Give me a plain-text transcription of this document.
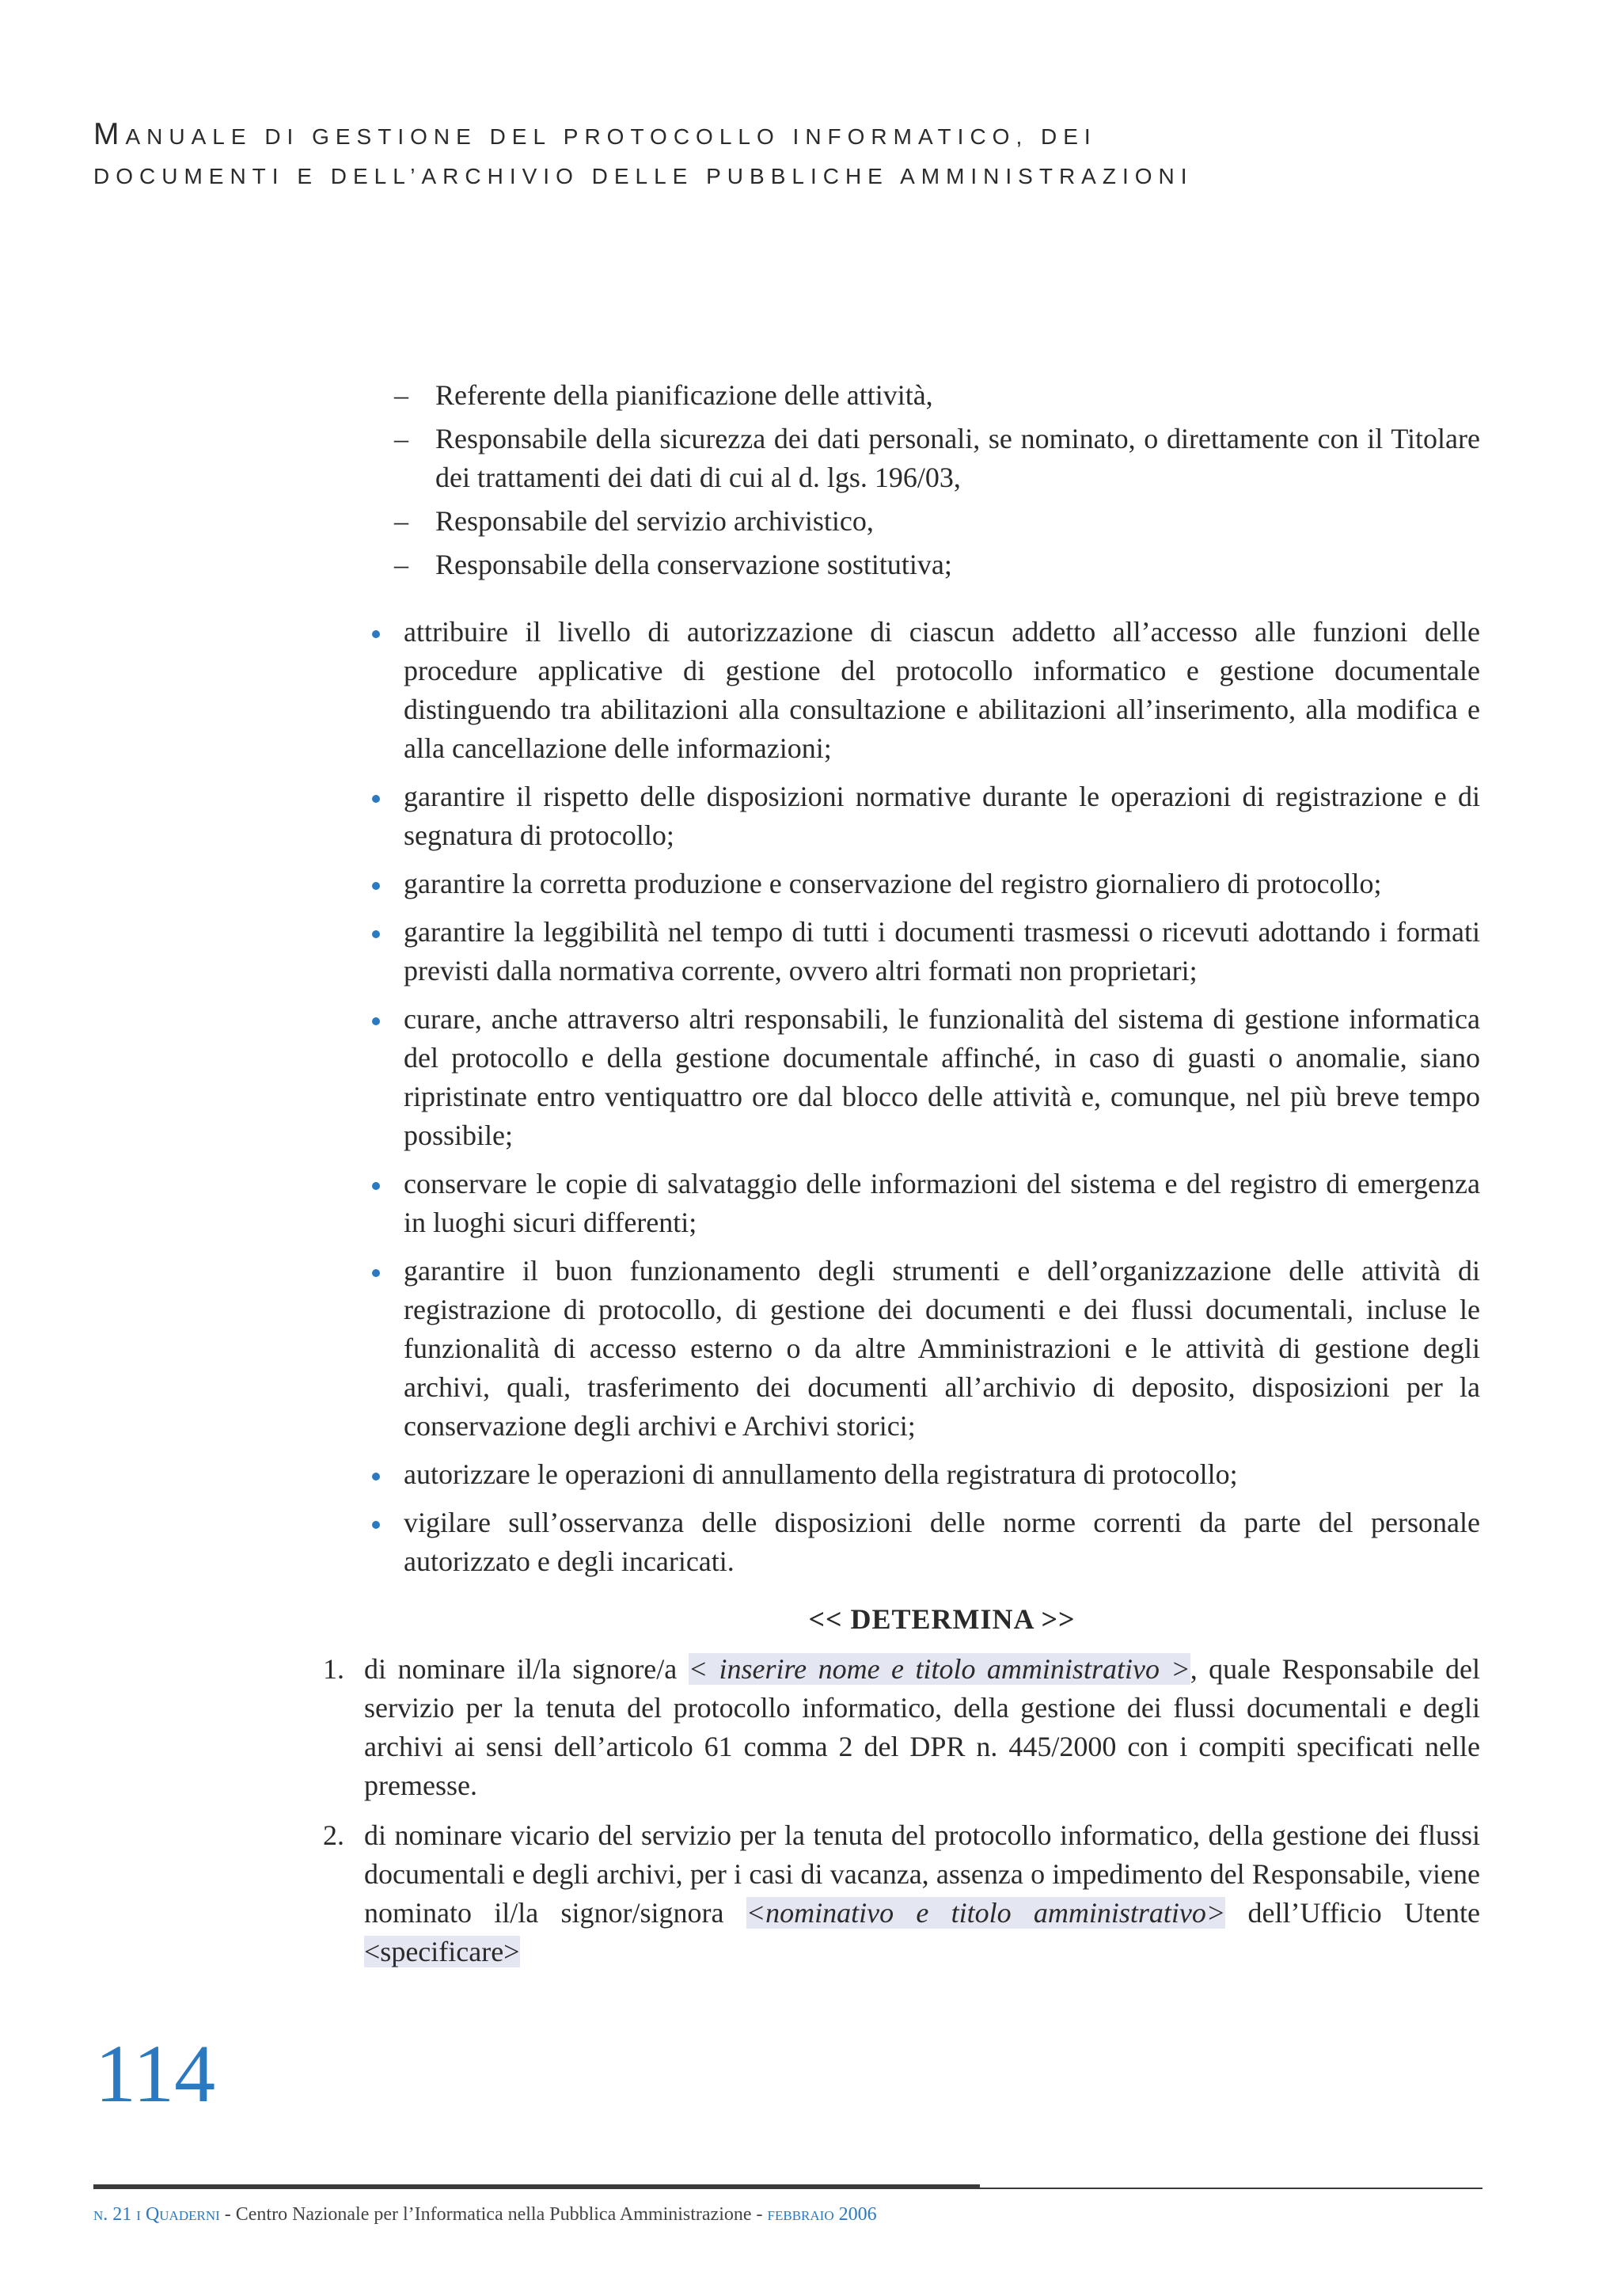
MANUALE DI GESTIONE DEL PROTOCOLLO INFORMATICO, DEI
DOCUMENTI E DELL’ARCHIVIO DELLE PUBBLICHE AMMINISTRAZIONI
– Referente della pianificazione delle attività,
– Responsabile della sicurezza dei dati personali, se nominato, o direttamente con il Titolare dei trattamenti dei dati di cui al d. lgs. 196/03,
– Responsabile del servizio archivistico,
– Responsabile della conservazione sostitutiva;
attribuire il livello di autorizzazione di ciascun addetto all’accesso alle funzioni delle procedure applicative di gestione del protocollo informatico e gestione documentale distinguendo tra abilitazioni alla consultazione e abilitazioni all’inserimento, alla modifica e alla cancellazione delle informazioni;
garantire il rispetto delle disposizioni normative durante le operazioni di registrazione e di segnatura di protocollo;
garantire la corretta produzione e conservazione del registro giornaliero di protocollo;
garantire la leggibilità nel tempo di tutti i documenti trasmessi o ricevuti adottando i formati previsti dalla normativa corrente, ovvero altri formati non proprietari;
curare, anche attraverso altri responsabili, le funzionalità del sistema di gestione informatica del protocollo e della gestione documentale affinché, in caso di guasti o anomalie, siano ripristinate entro ventiquattro ore dal blocco delle attività e, comunque, nel più breve tempo possibile;
conservare le copie di salvataggio delle informazioni del sistema e del registro di emergenza in luoghi sicuri differenti;
garantire il buon funzionamento degli strumenti e dell’organizzazione delle attività di registrazione di protocollo, di gestione dei documenti e dei flussi documentali, incluse le funzionalità di accesso esterno o da altre Amministrazioni e le attività di gestione degli archivi, quali, trasferimento dei documenti all’archivio di deposito, disposizioni per la conservazione degli archivi e Archivi storici;
autorizzare le operazioni di annullamento della registratura di protocollo;
vigilare sull’osservanza delle disposizioni delle norme correnti da parte del personale autorizzato e degli incaricati.
<< DETERMINA >>
1. di nominare il/la signore/a < inserire nome e titolo amministrativo >, quale Responsabile del servizio per la tenuta del protocollo informatico, della gestione dei flussi documentali e degli archivi ai sensi dell’articolo 61 comma 2 del DPR n. 445/2000 con i compiti specificati nelle premesse.
2. di nominare vicario del servizio per la tenuta del protocollo informatico, della gestione dei flussi documentali e degli archivi, per i casi di vacanza, assenza o impedimento del Responsabile, viene nominato il/la signor/signora <nominativo e titolo amministrativo> dell’Ufficio Utente <specificare>
114
n. 21 i Quaderni - Centro Nazionale per l’Informatica nella Pubblica Amministrazione - febbraio 2006
